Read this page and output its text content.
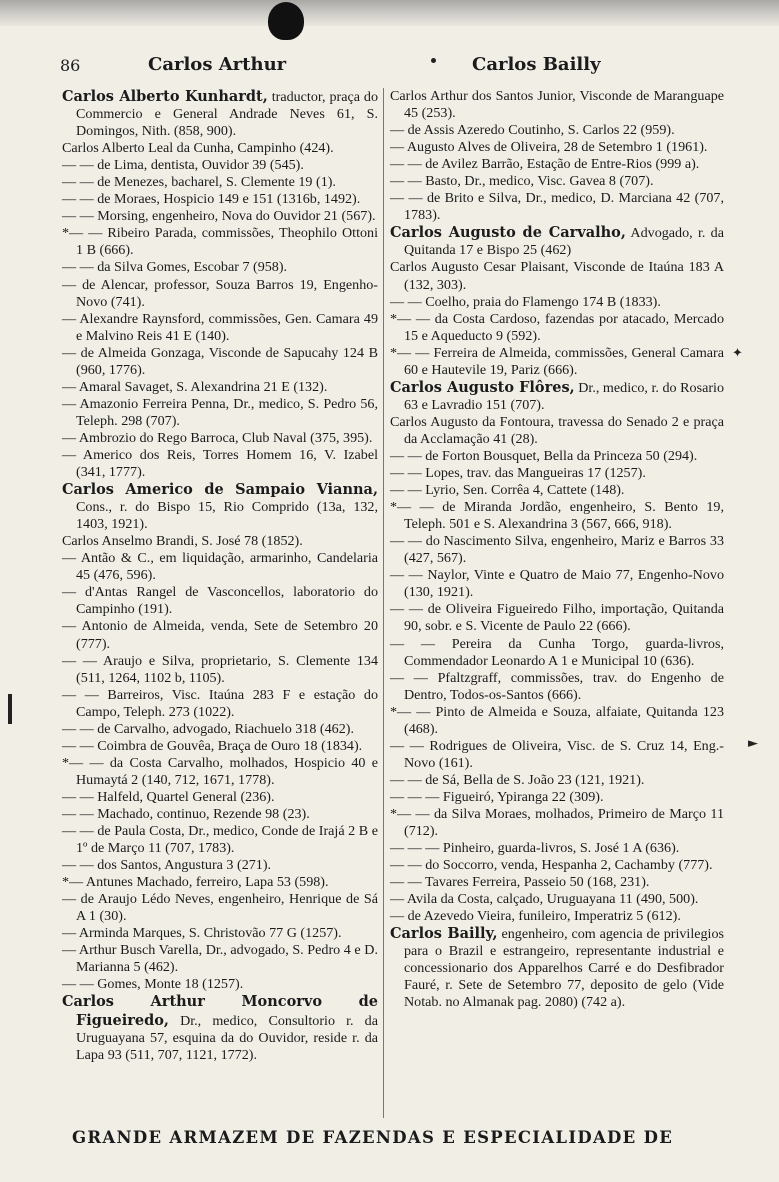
86	Carlos Arthur	Carlos Bailly

Carlos Alberto Kunhardt, traductor, praça do Commercio e General Andrade Neves 61, S. Domingos, Nith. (858, 900).

Carlos Alberto Leal da Cunha, Campinho (424).

— — de Lima, dentista, Ouvidor 39 (545).

— — de Menezes, bacharel, S. Clemente 19 (1).

— — de Moraes, Hospicio 149 e 151 (1316b, 1492).

— — Morsing, engenheiro, Nova do Ouvidor 21 (567).

*— — Ribeiro Parada, commissões, Theophilo Ottoni 1 B (666).

— — da Silva Gomes, Escobar 7 (958).

— de Alencar, professor, Souza Barros 19, Engenho-Novo (741).

— Alexandre Raynsford, commissões, Gen. Camara 49 e Malvino Reis 41 E (140).

— de Almeida Gonzaga, Visconde de Sapucahy 124 B (960, 1776).

— Amaral Savaget, S. Alexandrina 21 E (132).

— Amazonio Ferreira Penna, Dr., medico, S. Pedro 56, Teleph. 298 (707).

— Ambrozio do Rego Barroca, Club Naval (375, 395).

— Americo dos Reis, Torres Homem 16, V. Izabel (341, 1777).

Carlos Americo de Sampaio Vianna, Cons., r. do Bispo 15, Rio Comprido (13a, 132, 1403, 1921).

Carlos Anselmo Brandi, S. José 78 (1852).

— Antão & C., em liquidação, armarinho, Candelaria 45 (476, 596).

— d'Antas Rangel de Vasconcellos, laboratorio do Campinho (191).

— Antonio de Almeida, venda, Sete de Setembro 20 (777).

— — Araujo e Silva, proprietario, S. Clemente 134 (511, 1264, 1102 b, 1105).

— — Barreiros, Visc. Itaúna 283 F e estação do Campo, Teleph. 273 (1022).

— — de Carvalho, advogado, Riachuelo 318 (462).

— — Coimbra de Gouvêa, Braça de Ouro 18 (1834).

*— — da Costa Carvalho, molhados, Hospicio 40 e Humaytá 2 (140, 712, 1671, 1778).

— — Halfeld, Quartel General (236).

— — Machado, continuo, Rezende 98 (23).

— — de Paula Costa, Dr., medico, Conde de Irajá 2 B e 1º de Março 11 (707, 1783).

— — dos Santos, Angustura 3 (271).

*— Antunes Machado, ferreiro, Lapa 53 (598).

— de Araujo Lédo Neves, engenheiro, Henrique de Sá A 1 (30).

— Arminda Marques, S. Christovão 77 G (1257).

— Arthur Busch Varella, Dr., advogado, S. Pedro 4 e D. Marianna 5 (462).

— — Gomes, Monte 18 (1257).

Carlos Arthur Moncorvo de Figueiredo, Dr., medico, Consultorio r. da Uruguayana 57, esquina da do Ouvidor, reside r. da Lapa 93 (511, 707, 1121, 1772).

Carlos Arthur dos Santos Junior, Visconde de Maranguape 45 (253).

— de Assis Azeredo Coutinho, S. Carlos 22 (959).

— Augusto Alves de Oliveira, 28 de Setembro 1 (1961).

— — de Avilez Barrão, Estação de Entre-Rios (999 a).

— — Basto, Dr., medico, Visc. Gavea 8 (707).

— — de Brito e Silva, Dr., medico, D. Marciana 42 (707, 1783).

Carlos Augusto de Carvalho, Advogado, r. da Quitanda 17 e Bispo 25 (462)

Carlos Augusto Cesar Plaisant, Visconde de Itaúna 183 A (132, 303).

— — Coelho, praia do Flamengo 174 B (1833).

*— — da Costa Cardoso, fazendas por atacado, Mercado 15 e Aqueducto 9 (592).

*— — Ferreira de Almeida, commissões, General Camara 60 e Hautevile 19, Pariz (666).

Carlos Augusto Flôres, Dr., medico, r. do Rosario 63 e Lavradio 151 (707).

Carlos Augusto da Fontoura, travessa do Senado 2 e praça da Acclamação 41 (28).

— — de Forton Bousquet, Bella da Princeza 50 (294).

— — Lopes, trav. das Mangueiras 17 (1257).

— — Lyrio, Sen. Corrêa 4, Cattete (148).

*— — de Miranda Jordão, engenheiro, S. Bento 19, Teleph. 501 e S. Alexandrina 3 (567, 666, 918).

— — do Nascimento Silva, engenheiro, Mariz e Barros 33 (427, 567).

— — Naylor, Vinte e Quatro de Maio 77, Engenho-Novo (130, 1921).

— — de Oliveira Figueiredo Filho, importação, Quitanda 90, sobr. e S. Vicente de Paulo 22 (666).

— — Pereira da Cunha Torgo, guarda-livros, Commendador Leonardo A 1 e Municipal 10 (636).

— — Pfaltzgraff, commissões, trav. do Engenho de Dentro, Todos-os-Santos (666).

*— — Pinto de Almeida e Souza, alfaiate, Quitanda 123 (468).

— — Rodrigues de Oliveira, Visc. de S. Cruz 14, Eng.-Novo (161).

— — de Sá, Bella de S. João 23 (121, 1921).

— — — Figueiró, Ypiranga 22 (309).

*— — da Silva Moraes, molhados, Primeiro de Março 11 (712).

— — — Pinheiro, guarda-livros, S. José 1 A (636).

— — do Soccorro, venda, Hespanha 2, Cachamby (777).

— — Tavares Ferreira, Passeio 50 (168, 231).

— Avila da Costa, calçado, Uruguayana 11 (490, 500).

— de Azevedo Vieira, funileiro, Imperatriz 5 (612).

Carlos Bailly, engenheiro, com agencia de privilegios para o Brazil e estrangeiro, representante industrial e concessionario dos Apparelhos Carré e do Desfibrador Fauré, r. Sete de Setembro 77, deposito de gelo (Vide Notab. no Almanak pag. 2080) (742 a).

GRANDE ARMAZEM DE FAZENDAS E ESPECIALIDADE DE
✦
►
